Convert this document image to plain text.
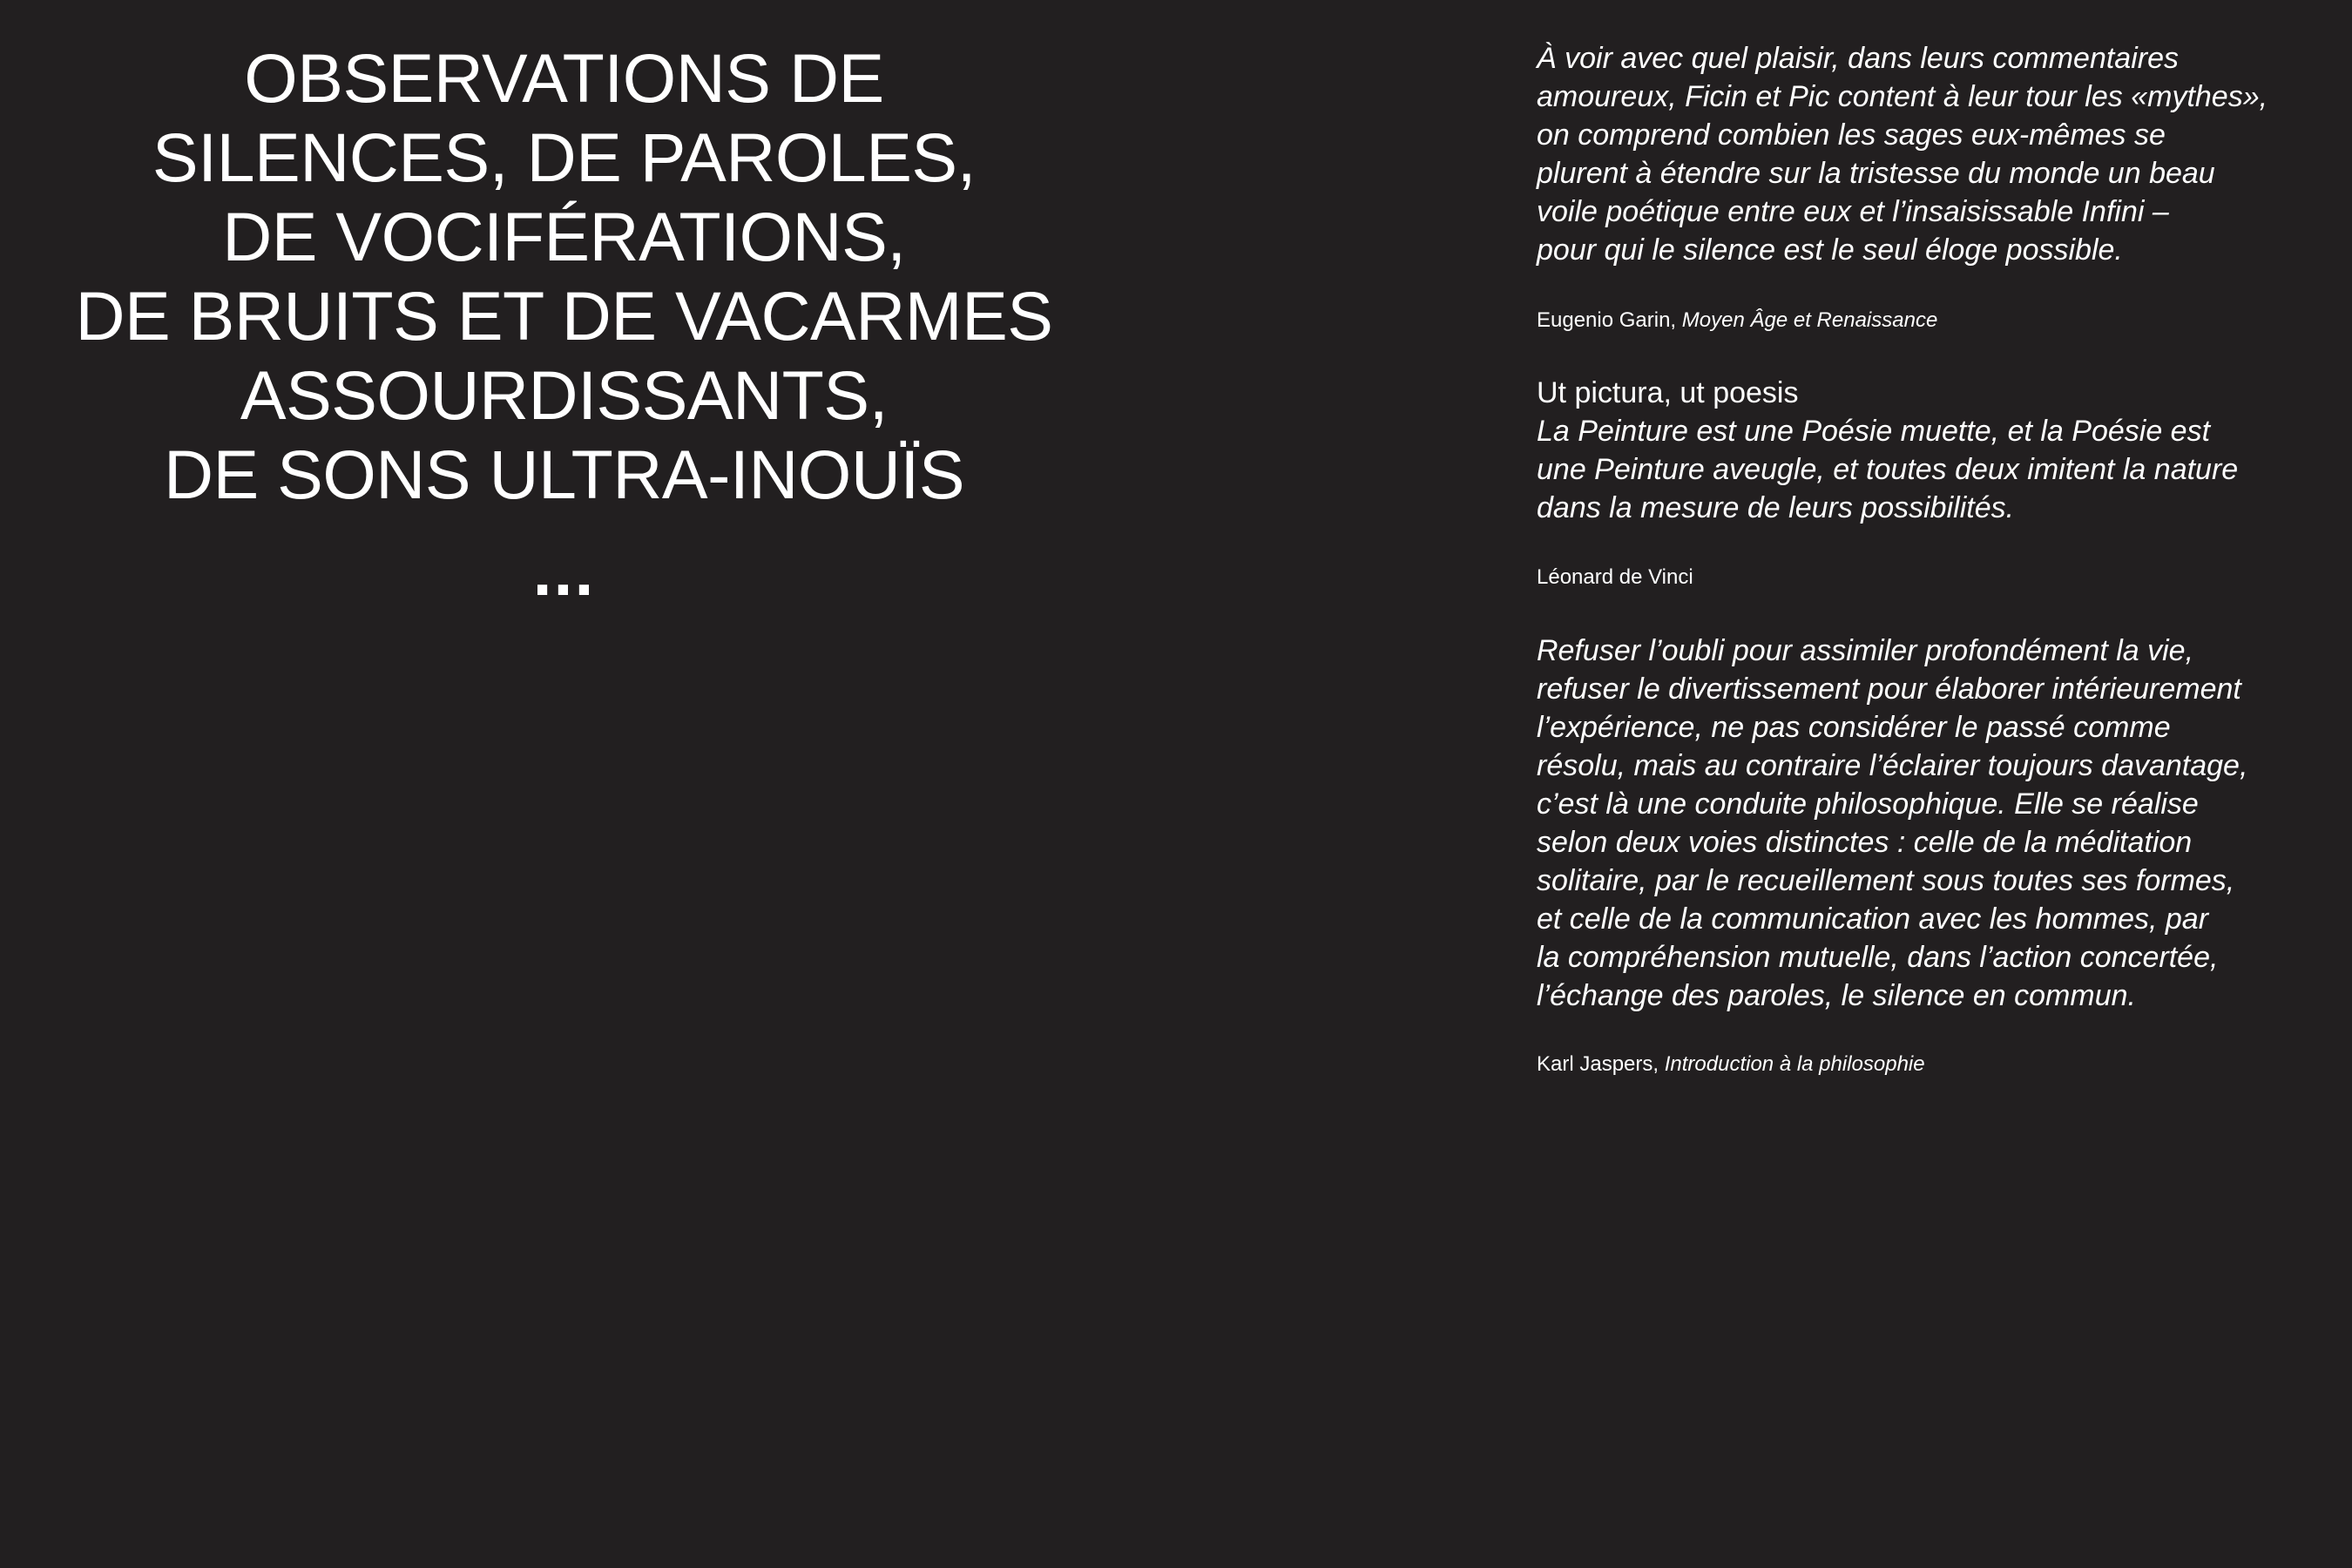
OBSERVATIONS DE
SILENCES, DE PAROLES,
DE VOCIFÉRATIONS,
DE BRUITS ET DE VACARMES
ASSOURDISSANTS,
DE SONS ULTRA-INOUÏS
...

À voir avec quel plaisir, dans leurs commentaires
amoureux, Ficin et Pic content à leur tour les «mythes»,
on comprend combien les sages eux-mêmes se
plurent à étendre sur la tristesse du monde un beau
voile poétique entre eux et l’insaisissable Infini –
pour qui le silence est le seul éloge possible.

Eugenio Garin, Moyen Âge et Renaissance

Ut pictura, ut poesis
La Peinture est une Poésie muette, et la Poésie est
une Peinture aveugle, et toutes deux imitent la nature
dans la mesure de leurs possibilités.

Léonard de Vinci

Refuser l’oubli pour assimiler profondément la vie,
refuser le divertissement pour élaborer intérieurement
l’expérience, ne pas considérer le passé comme
résolu, mais au contraire l’éclairer toujours davantage,
c’est là une conduite philosophique. Elle se réalise
selon deux voies distinctes : celle de la méditation
solitaire, par le recueillement sous toutes ses formes,
et celle de la communication avec les hommes, par
la compréhension mutuelle, dans l’action concertée,
l’échange des paroles, le silence en commun.

Karl Jaspers, Introduction à la philosophie
